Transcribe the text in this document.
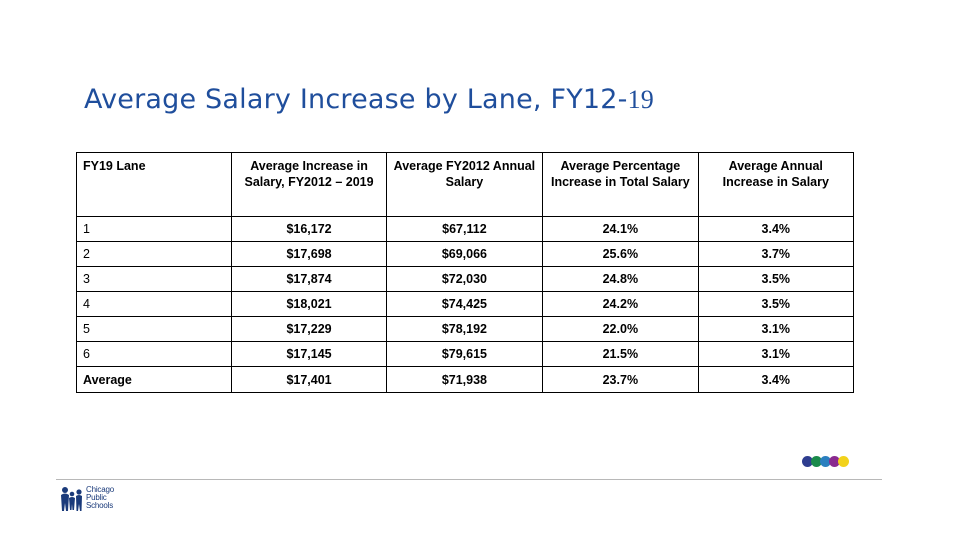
Average Salary Increase by Lane, FY12-19
FY19 Lane	Average Increase in Salary, FY2012 – 2019	Average FY2012 Annual Salary	Average Percentage Increase in Total Salary	Average Annual Increase in Salary
1	$16,172	$67,112	24.1%	3.4%
2	$17,698	$69,066	25.6%	3.7%
3	$17,874	$72,030	24.8%	3.5%
4	$18,021	$74,425	24.2%	3.5%
5	$17,229	$78,192	22.0%	3.1%
6	$17,145	$79,615	21.5%	3.1%
Average	$17,401	$71,938	23.7%	3.4%
Chicago
Public
Schools
